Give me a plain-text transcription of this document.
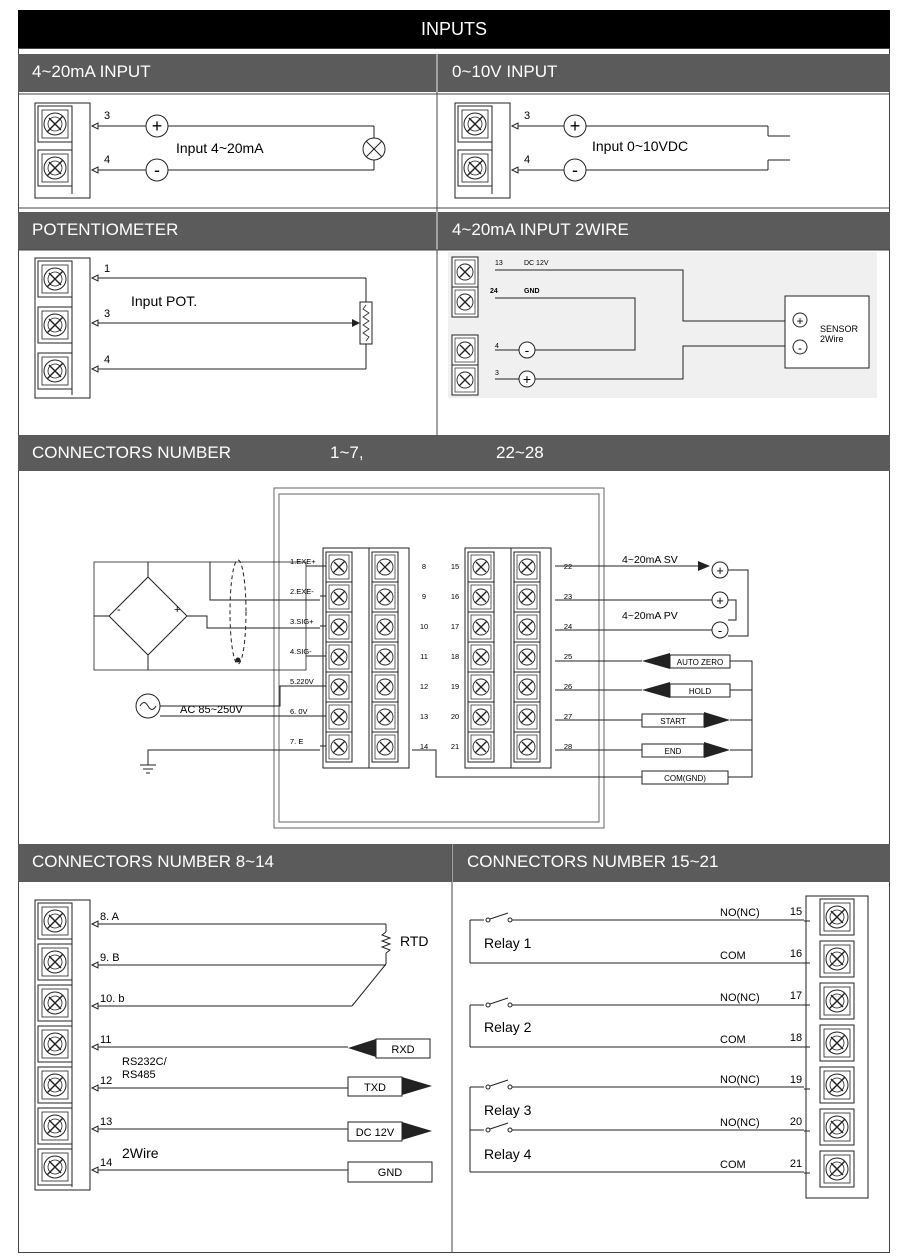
INPUTS
4~20mA INPUT	0~10V INPUT
POTENTIOMETER	4~20mA INPUT 2WIRE
CONNECTORS NUMBER	1~7,	22~28
CONNECTORS NUMBER 8~14	CONNECTORS NUMBER 15~21
+
-
3
4
Input 4~20mA
+
-
3
4
Input 0~10VDC
1
3
4
Input POT.
13	DC 12V
24	GND
4
3
-
+
+
-
SENSOR
2Wire
1.EXE+
8	15	22
2.EXE-
9	16	23
3.SIG+
10	17	24
4.SIG-
11	18	25
5.220V
12	19	26
6. 0V
13	20	27
7. E
14	21	28
-	+
AC 85~250V
+
+
-
4~20mA SV
4~20mA PV
AUTO ZERO
HOLD
START
END
COM(GND)
8. A
9. B
10. b
11
12
13
14
RTD
RXD
TXD
DC 12V
GND
RS232C/
RS485
2Wire
15
16
17
18
19
20
21
NO(NC)
COM
NO(NC)
COM
NO(NC)
NO(NC)
COM
Relay 1
Relay 2
Relay 3
Relay 4
